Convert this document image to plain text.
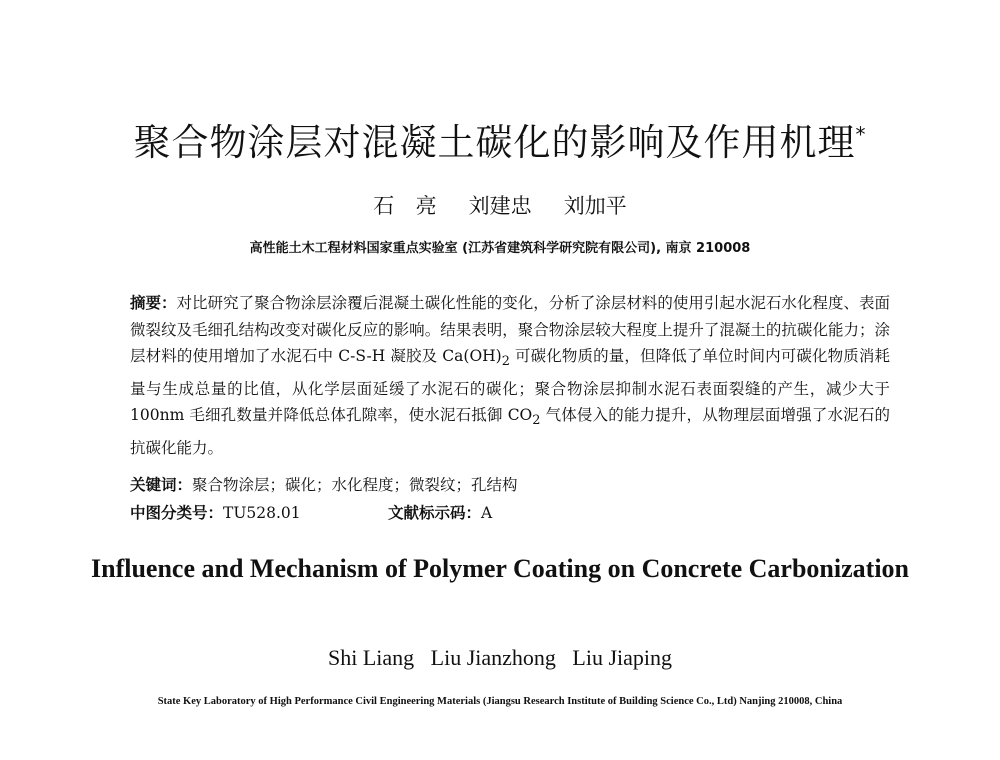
聚合物涂层对混凝土碳化的影响及作用机理*
石  亮   刘建忠   刘加平
高性能土木工程材料国家重点实验室 (江苏省建筑科学研究院有限公司), 南京 210008
摘要：对比研究了聚合物涂层涂覆后混凝土碳化性能的变化，分析了涂层材料的使用引起水泥石水化程度、表面微裂纹及毛细孔结构改变对碳化反应的影响。结果表明，聚合物涂层较大程度上提升了混凝土的抗碳化能力；涂层材料的使用增加了水泥石中 C-S-H 凝胶及 $Ca(OH)_2$ 可碳化物质的量，但降低了单位时间内可碳化物质消耗量与生成总量的比值，从化学层面延缓了水泥石的碳化；聚合物涂层抑制水泥石表面裂缝的产生，减少大于 100nm 毛细孔数量并降低总体孔隙率，使水泥石抵御 $CO_2$ 气体侵入的能力提升，从物理层面增强了水泥石的抗碳化能力。
关键词：聚合物涂层；碳化；水化程度；微裂纹；孔结构
中图分类号：TU528.01	文献标示码：A
Influence and Mechanism of Polymer Coating on Concrete Carbonization
Shi Liang   Liu Jianzhong   Liu Jiaping
State Key Laboratory of High Performance Civil Engineering Materials (Jiangsu Research Institute of Building Science Co., Ltd) Nanjing 210008, China
